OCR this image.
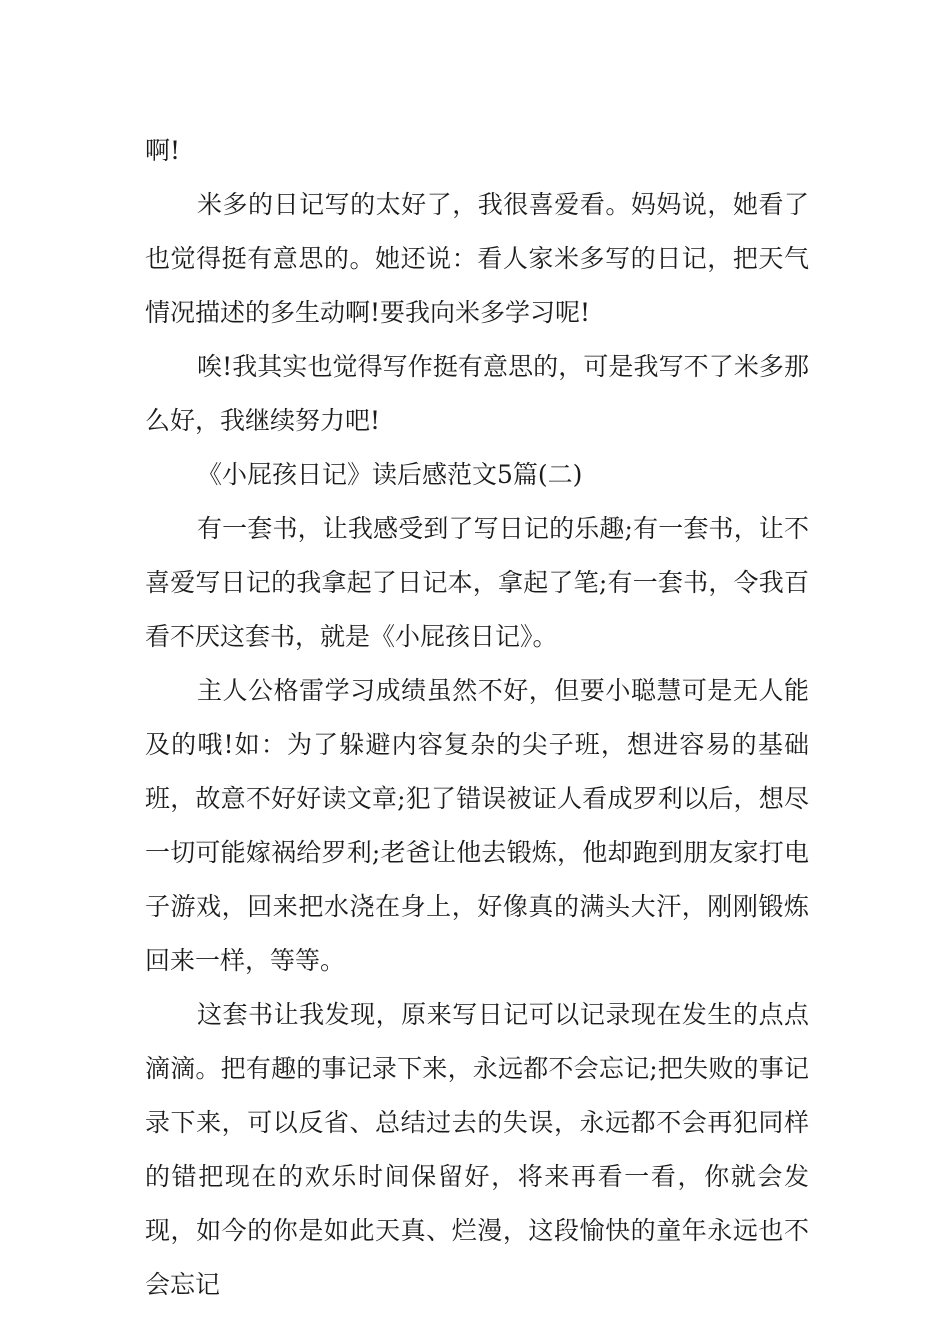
啊!

米多的日记写的太好了，我很喜爱看。妈妈说，她看了也觉得挺有意思的。她还说：看人家米多写的日记，把天气情况描述的多生动啊!要我向米多学习呢!

唉!我其实也觉得写作挺有意思的，可是我写不了米多那么好，我继续努力吧!

《小屁孩日记》读后感范文5篇(二)

有一套书，让我感受到了写日记的乐趣;有一套书，让不喜爱写日记的我拿起了日记本，拿起了笔;有一套书，令我百看不厌这套书，就是《小屁孩日记》。

主人公格雷学习成绩虽然不好，但要小聪慧可是无人能及的哦!如：为了躲避内容复杂的尖子班，想进容易的基础班，故意不好好读文章;犯了错误被证人看成罗利以后，想尽一切可能嫁祸给罗利;老爸让他去锻炼，他却跑到朋友家打电子游戏，回来把水浇在身上，好像真的满头大汗，刚刚锻炼回来一样，等等。

这套书让我发现，原来写日记可以记录现在发生的点点滴滴。把有趣的事记录下来，永远都不会忘记;把失败的事记录下来，可以反省、总结过去的失误，永远都不会再犯同样的错把现在的欢乐时间保留好，将来再看一看，你就会发现，如今的你是如此天真、烂漫，这段愉快的童年永远也不会忘记
